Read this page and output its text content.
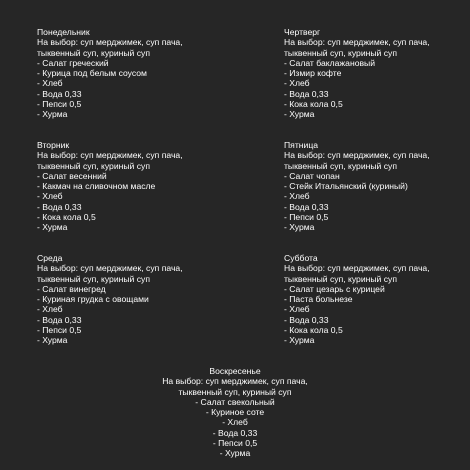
Понедельник
На выбор: суп мерджимек, суп пача,
тыквенный суп, куриный суп
- Салат греческий
- Курица под белым соусом
- Хлеб
- Вода 0,33
- Пепси 0,5
- Хурма
Чертверг
На выбор: суп мерджимек, суп пача,
тыквенный суп, куриный суп
- Салат баклажановый
- Измир кофте
- Хлеб
- Вода 0,33
- Кока кола 0,5
- Хурма
Вторник
На выбор: суп мерджимек, суп пача,
тыквенный суп, куриный суп
- Салат весенний
- Какмач на сливочном масле
- Хлеб
- Вода 0,33
- Кока кола 0,5
- Хурма
Пятница
На выбор: суп мерджимек, суп пача,
тыквенный суп, куриный суп
- Салат чопан
- Стейк Итальянский (куриный)
- Хлеб
- Вода 0,33
- Пепси 0,5
- Хурма
Среда
На выбор: суп мерджимек, суп пача,
тыквенный суп, куриный суп
- Салат винегред
- Куриная грудка с овощами
- Хлеб
- Вода 0,33
- Пепси 0,5
- Хурма
Суббота
На выбор: суп мерджимек, суп пача,
тыквенный суп, куриный суп
- Салат цезарь с курицей
- Паста больнезе
- Хлеб
- Вода 0,33
- Кока кола 0,5
- Хурма
Воскресенье
На выбор: суп мерджимек, суп пача,
тыквенный суп, куриный суп
- Салат свекольный
- Куриное соте
- Хлеб
- Вода 0,33
- Пепси 0,5
- Хурма
